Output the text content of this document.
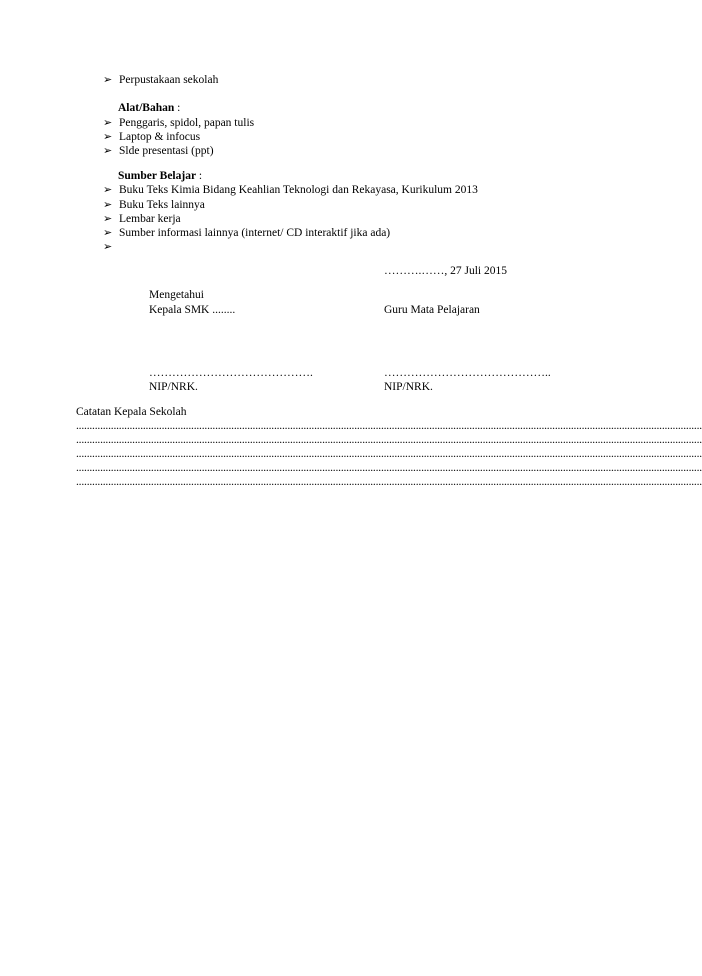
➢ Perpustakaan sekolah
Alat/Bahan :
➢ Penggaris, spidol, papan tulis
➢ Laptop & infocus
➢ Slde presentasi (ppt)
Sumber Belajar :
➢ Buku Teks Kimia Bidang Keahlian Teknologi dan Rekayasa, Kurikulum 2013
➢ Buku Teks lainnya
➢ Lembar kerja
➢ Sumber informasi lainnya (internet/ CD interaktif jika ada)
➢
……….……, 27 Juli 2015
Mengetahui
Kepala SMK ........	Guru Mata Pelajaran
…………………………………….	……………………………………..
NIP/NRK.	NIP/NRK.
Catatan Kepala Sekolah
..........................................................................................................................................................................................................................................
..........................................................................................................................................................................................................................................
..........................................................................................................................................................................................................................................
..........................................................................................................................................................................................................................................
..........................................................................................................................................................................................................................................
